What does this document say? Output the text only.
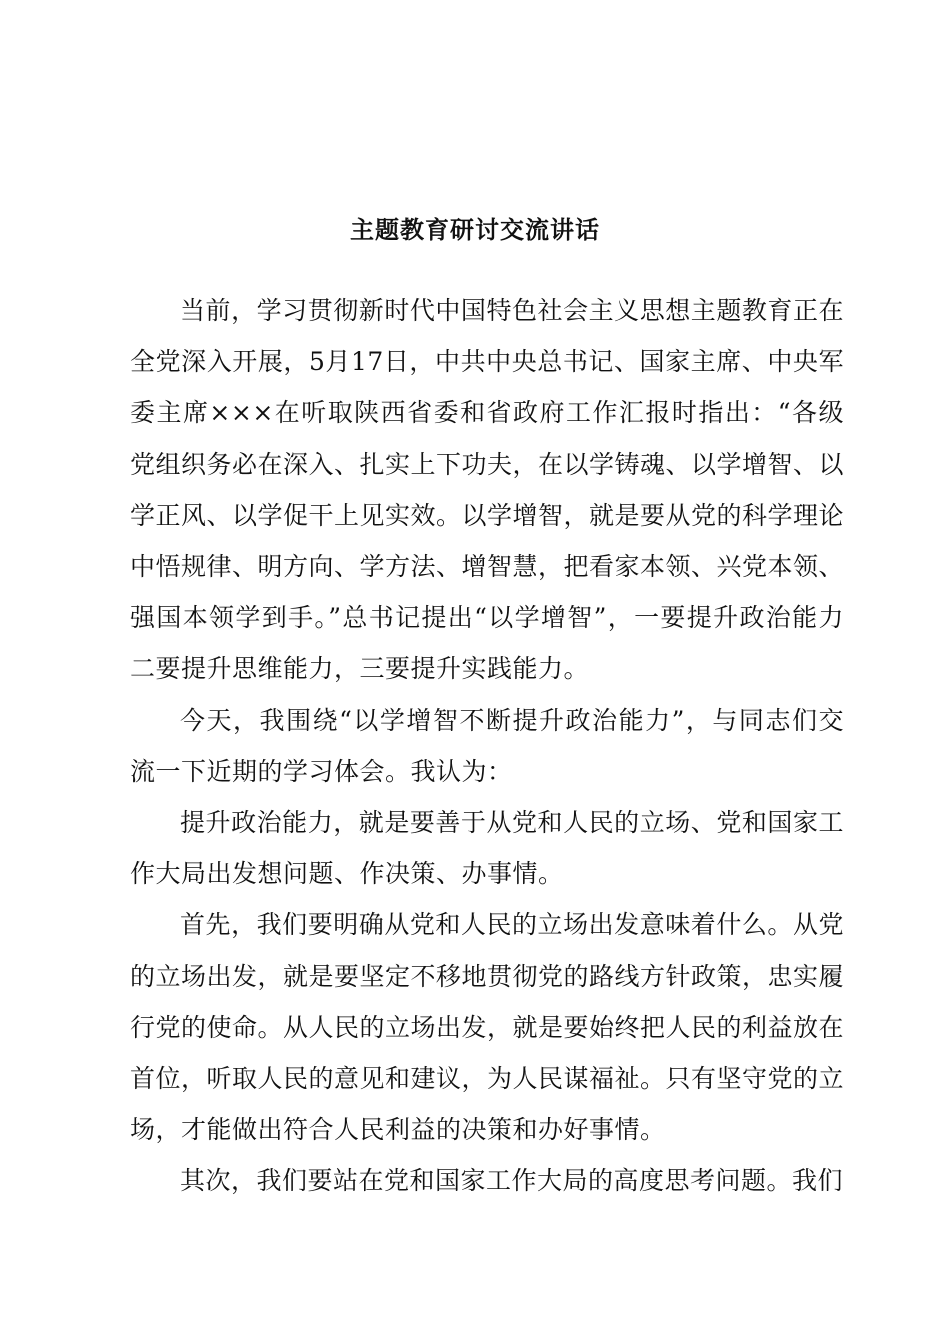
主题教育研讨交流讲话

当前，学习贯彻新时代中国特色社会主义思想主题教育正在全党深入开展，5月17日，中共中央总书记、国家主席、中央军委主席×××在听取陕西省委和省政府工作汇报时指出：“各级党组织务必在深入、扎实上下功夫，在以学铸魂、以学增智、以学正风、以学促干上见实效。以学增智，就是要从党的科学理论中悟规律、明方向、学方法、增智慧，把看家本领、兴党本领、强国本领学到手。”总书记提出“以学增智”，一要提升政治能力二要提升思维能力，三要提升实践能力。

今天，我围绕“以学增智不断提升政治能力”，与同志们交流一下近期的学习体会。我认为：

提升政治能力，就是要善于从党和人民的立场、党和国家工作大局出发想问题、作决策、办事情。

首先，我们要明确从党和人民的立场出发意味着什么。从党的立场出发，就是要坚定不移地贯彻党的路线方针政策，忠实履行党的使命。从人民的立场出发，就是要始终把人民的利益放在首位，听取人民的意见和建议，为人民谋福祉。只有坚守党的立场，才能做出符合人民利益的决策和办好事情。

其次，我们要站在党和国家工作大局的高度思考问题。我们
